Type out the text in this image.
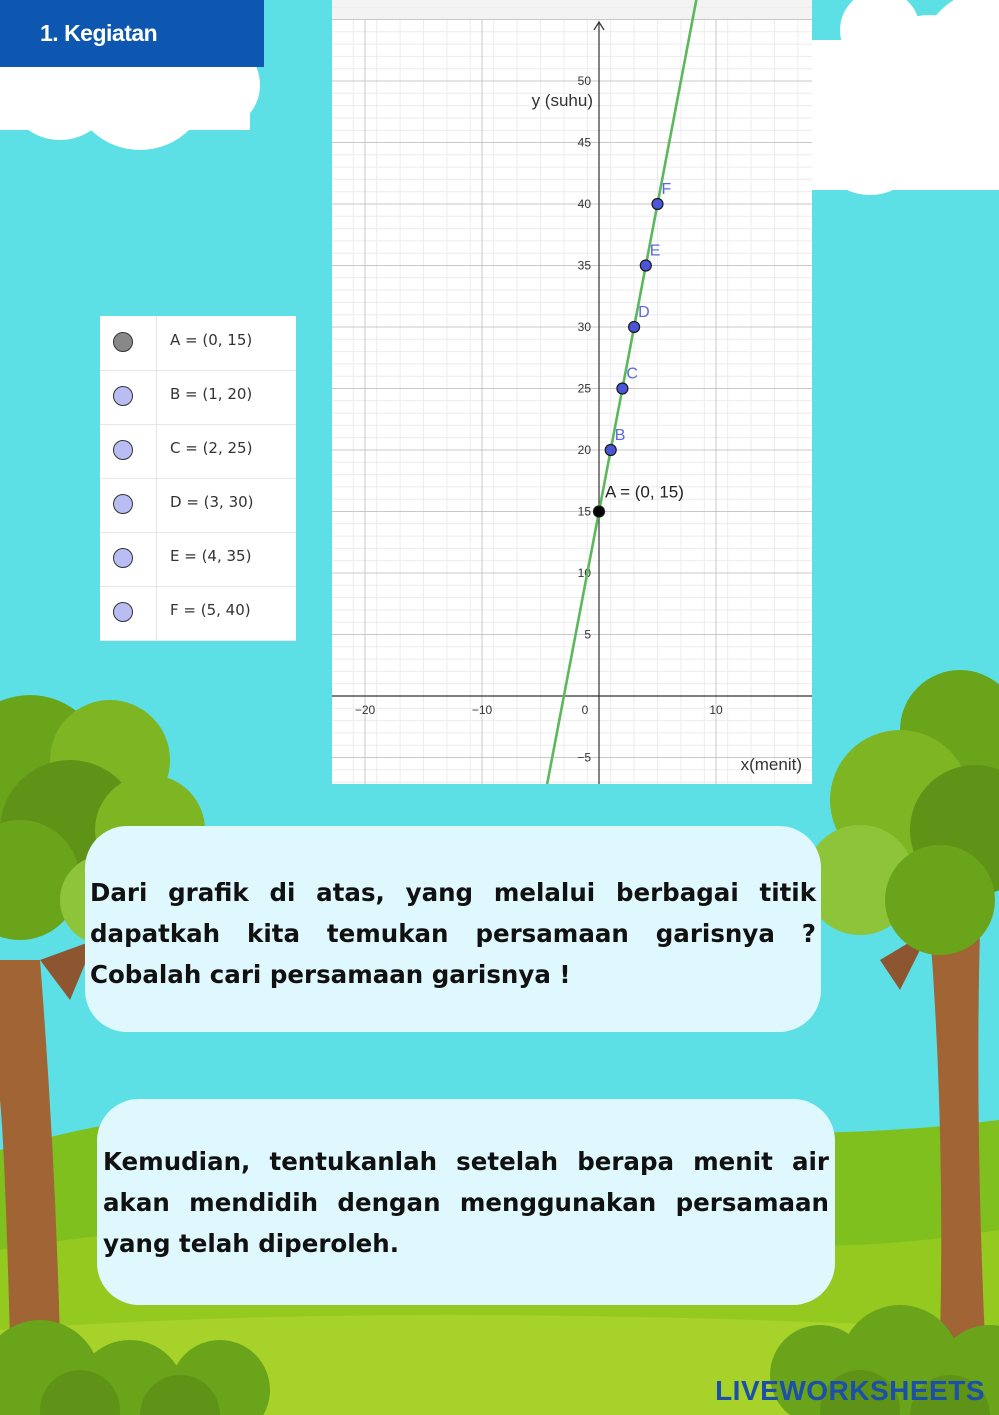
1. Kegiatan Pengenalan
−20	−10	0	10
−5
5
10
15
20
25
30
35
40
45
50
x(menit)
y (suhu)
A = (0, 15)
B
C
D
E
F
A = (0, 15)
B = (1, 20)
C = (2, 25)
D = (3, 30)
E = (4, 35)
F = (5, 40)

Dari grafik di atas, yang melalui berbagai titik dapatkah kita temukan persamaan garisnya ? Cobalah cari persamaan garisnya !

Kemudian, tentukanlah setelah berapa menit air akan mendidih dengan menggunakan persamaan yang telah diperoleh.

LIVEWORKSHEETS
